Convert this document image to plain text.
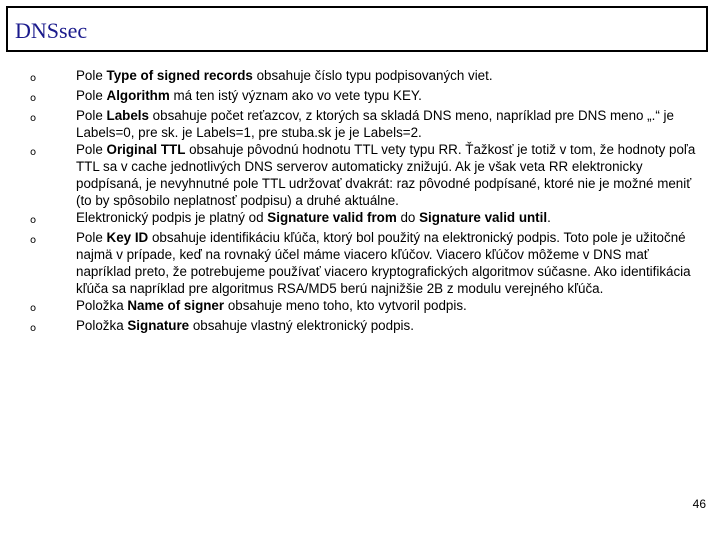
DNSsec
o	Pole Type of signed records obsahuje číslo typu podpisovaných viet.
o	Pole Algorithm má ten istý význam ako vo vete typu KEY.
o	Pole Labels obsahuje počet reťazcov, z ktorých sa skladá DNS meno, napríklad pre DNS meno „.“ je Labels=0, pre sk. je Labels=1, pre stuba.sk je je Labels=2.
o	Pole Original TTL obsahuje pôvodnú hodnotu TTL vety typu RR. Ťažkosť je totiž v tom, že hodnoty poľa TTL sa v cache jednotlivých DNS serverov automaticky znižujú. Ak je však veta RR elektronicky podpísaná, je nevyhnutné pole TTL udržovať dvakrát: raz pôvodné podpísané, ktoré nie je možné meniť (to by spôsobilo neplatnosť podpisu) a druhé aktuálne.
o	Elektronický podpis je platný od Signature valid from do Signature valid until.
o	Pole Key ID obsahuje identifikáciu kľúča, ktorý bol použitý na elektronický podpis. Toto pole je užitočné najmä v prípade, keď na rovnaký účel máme viacero kľúčov. Viacero kľúčov môžeme v DNS mať napríklad preto, že potrebujeme používať viacero kryptografických algoritmov súčasne. Ako identifikácia kľúča sa napríklad pre algoritmus RSA/MD5 berú najnižšie 2B z modulu verejného kľúča.
o	Položka Name of signer obsahuje meno toho, kto vytvoril podpis.
o	Položka Signature obsahuje vlastný elektronický podpis.
46
